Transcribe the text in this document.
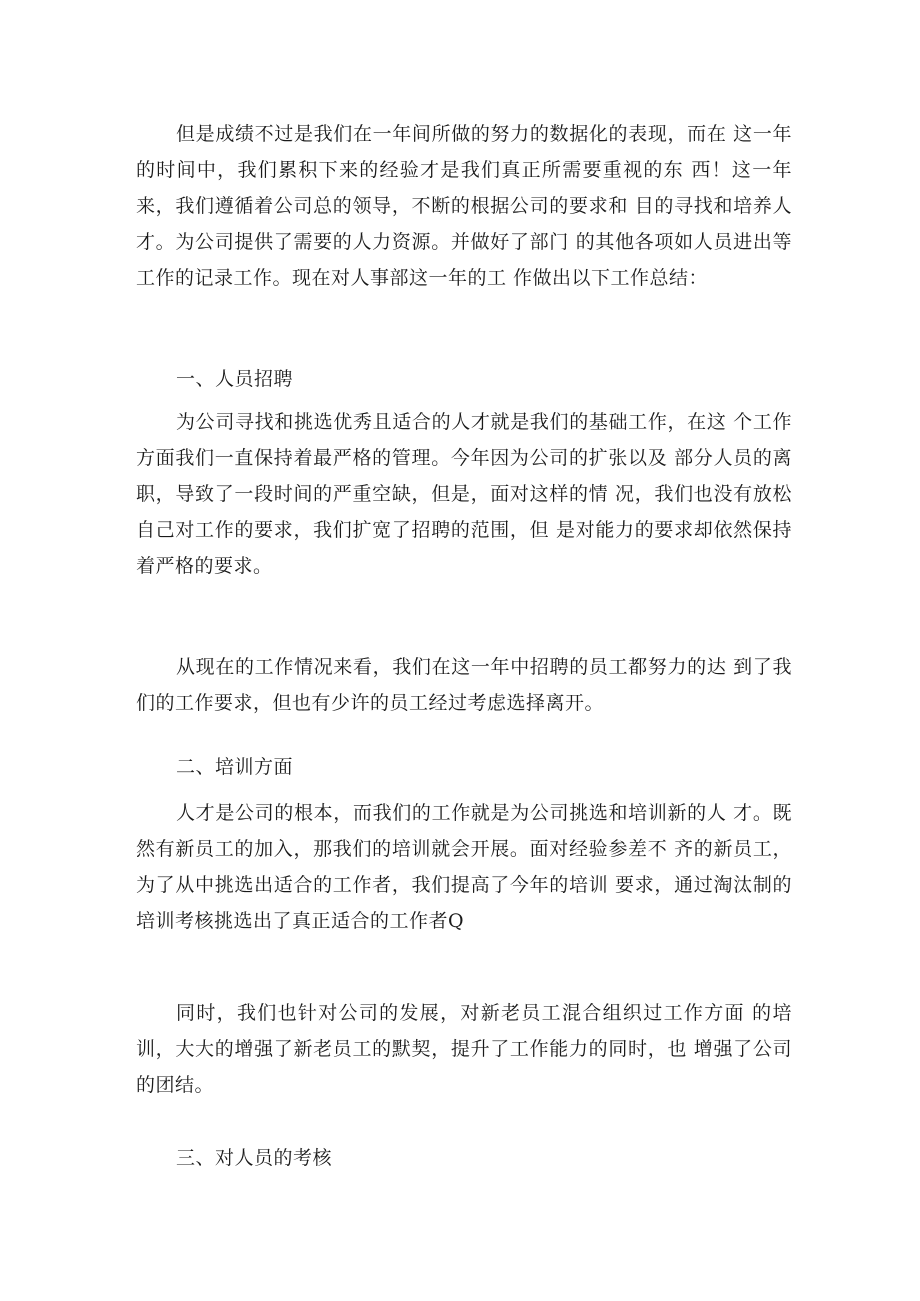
但是成绩不过是我们在一年间所做的努力的数据化的表现，而在 这一年的时间中，我们累积下来的经验才是我们真正所需要重视的东 西！这一年来，我们遵循着公司总的领导，不断的根据公司的要求和 目的寻找和培养人才。为公司提供了需要的人力资源。并做好了部门 的其他各项如人员进出等工作的记录工作。现在对人事部这一年的工 作做出以下工作总结：

一、人员招聘

为公司寻找和挑选优秀且适合的人才就是我们的基础工作，在这 个工作方面我们一直保持着最严格的管理。今年因为公司的扩张以及 部分人员的离职，导致了一段时间的严重空缺，但是，面对这样的情 况，我们也没有放松自己对工作的要求，我们扩宽了招聘的范围，但 是对能力的要求却依然保持着严格的要求。

从现在的工作情况来看，我们在这一年中招聘的员工都努力的达 到了我们的工作要求，但也有少许的员工经过考虑选择离开。

二、培训方面

人才是公司的根本，而我们的工作就是为公司挑选和培训新的人 才。既然有新员工的加入，那我们的培训就会开展。面对经验参差不 齐的新员工，为了从中挑选出适合的工作者，我们提高了今年的培训 要求，通过淘汰制的培训考核挑选出了真正适合的工作者Q

同时，我们也针对公司的发展，对新老员工混合组织过工作方面 的培训，大大的增强了新老员工的默契，提升了工作能力的同时，也 增强了公司的团结。

三、对人员的考核
